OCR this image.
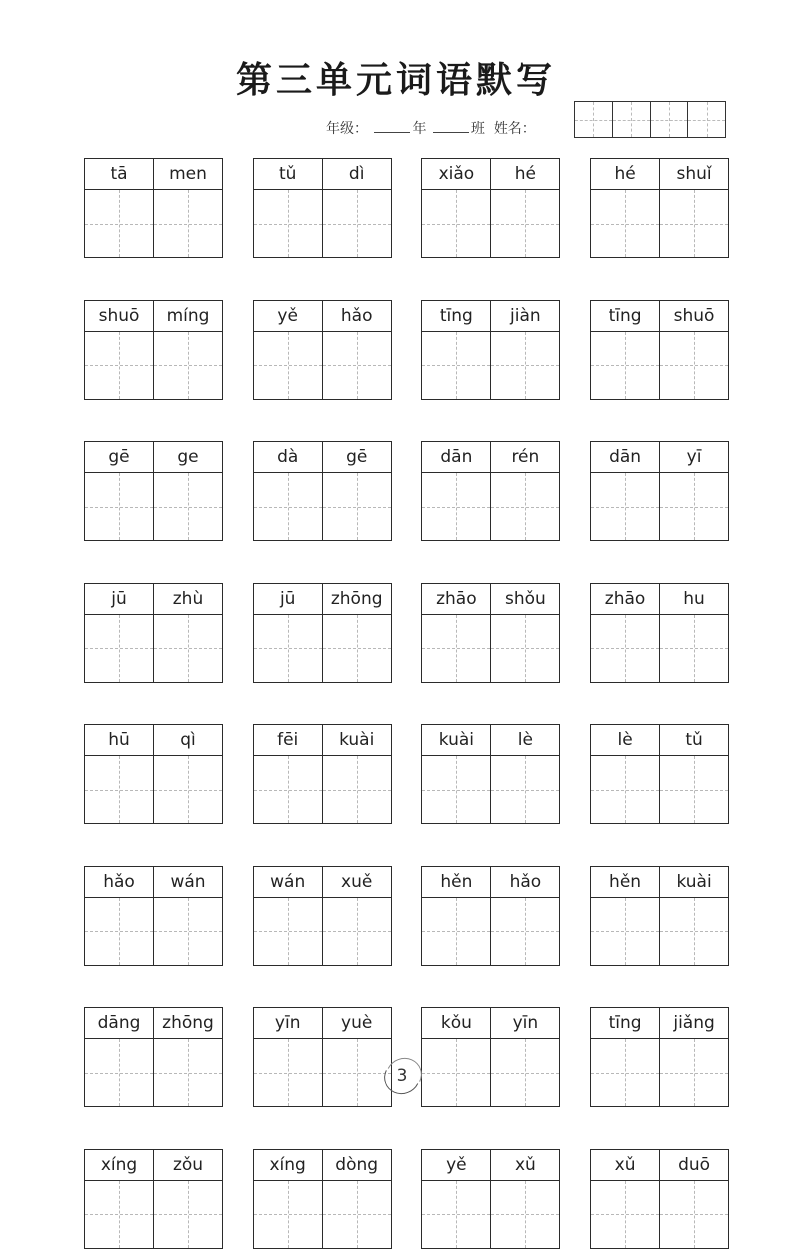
第三单元词语默写
年级：	年	班 姓名：
tā	men	tǔ	dì	xiǎo	hé	hé	shuǐ
shuō	míng	yě	hǎo	tīng	jiàn	tīng	shuō
gē	ge	dà	gē	dān	rén	dān	yī
jū	zhù	jū	zhōng	zhāo	shǒu	zhāo	hu
hū	qì	fēi	kuài	kuài	lè	lè	tǔ
hǎo	wán	wán	xuě	hěn	hǎo	hěn	kuài
dāng	zhōng	yīn	yuè	kǒu	yīn	tīng	jiǎng
xíng	zǒu	xíng	dòng	yě	xǔ	xǔ	duō
3
